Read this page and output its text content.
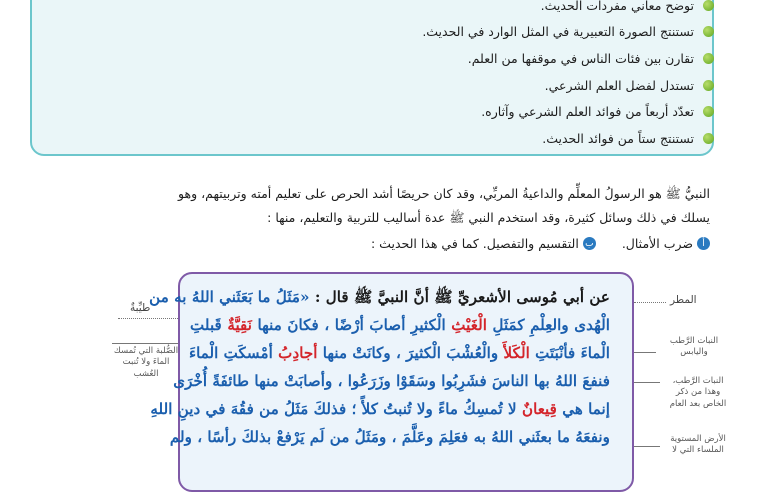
توضح معاني مفردات الحديث.
تستنتج الصورة التعبيرية في المثل الوارد في الحديث.
تقارن بين فئات الناس في موقفها من العلم.
تستدل لفضل العلم الشرعي.
تعدّد أربعاً من فوائد العلم الشرعي وآثاره.
تستنتج ستاً من فوائد الحديث.
النبيُّ ﷺ هو الرسولُ المعلِّم والداعيةُ المربِّي، وقد كان حريصًا أشد الحرص على تعليم أمته وتربيتهم، وهو
يسلك في ذلك وسائل كثيرة، وقد استخدم النبي ﷺ عدة أساليب للتربية والتعليم، منها :
أ
ضرب الأمثال.
ب
التقسيم والتفصيل. كما في هذا الحديث :
عن أبي مُوسى الأشعريِّ ﷺ أنَّ النبيَّ ﷺ قال : «مَثَلُ ما بَعَثَني اللهُ به من
الْهُدى والعِلْمِ كمَثَلِ الْغَيْثِ الْكثيرِ أصابَ أرْضًا ، فكانَ منها نَقِيَّةٌ قَبلتِ
الْماءَ فأنْبَتَتِ الْكَلأَ والْعُشْبَ الْكثيرَ ، وكانَتْ منها أجادِبُ أمْسكَتِ الْماءَ
فنفعَ اللهُ بها الناسَ فشَرِبُوا وسَقَوْا وزَرَعُوا ، وأصابَتْ منها طائفَةً أُخْرَى
إنما هي قِيعانٌ لا تُمسِكُ ماءً ولا تُنبتُ كلأً ؛ فذلكَ مَثَلُ من فقُهَ في دينِ اللهِ
ونفعَهُ ما بعثَني اللهُ به فعَلِمَ وعَلَّمَ ، ومَثَلُ من لَم يَرْفعْ بذلكَ رأسًا ، ولم
المطر
النبات الرَّطب
واليابس
النبات الرَّطب،
وهذا من ذكر
الخاص بعد العام
الأرض المستوية
الملساء التي لا
طيِّبةٌ
الصُّلبة التي تُمسك
الماءَ ولا تُنبت
العُشب
